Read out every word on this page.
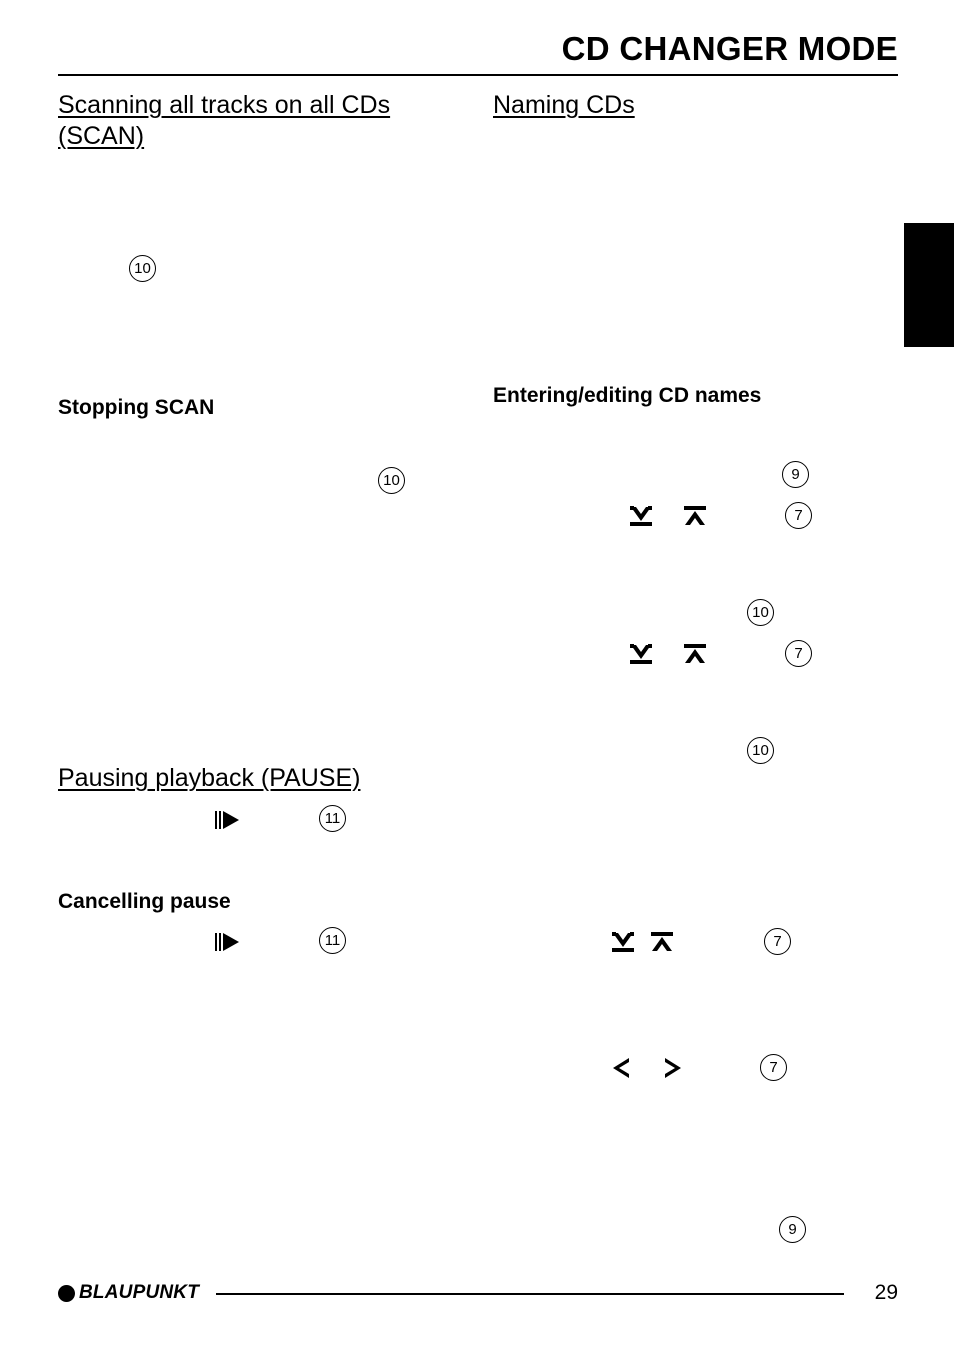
CD CHANGER MODE
Scanning all tracks on all CDs
(SCAN)
10
Stopping SCAN
10
Pausing playback (PAUSE)
11
Cancelling pause
11
Naming CDs
Entering/editing CD names
9
7
10
7
10
7
7
9
BLAUPUNKT	29
